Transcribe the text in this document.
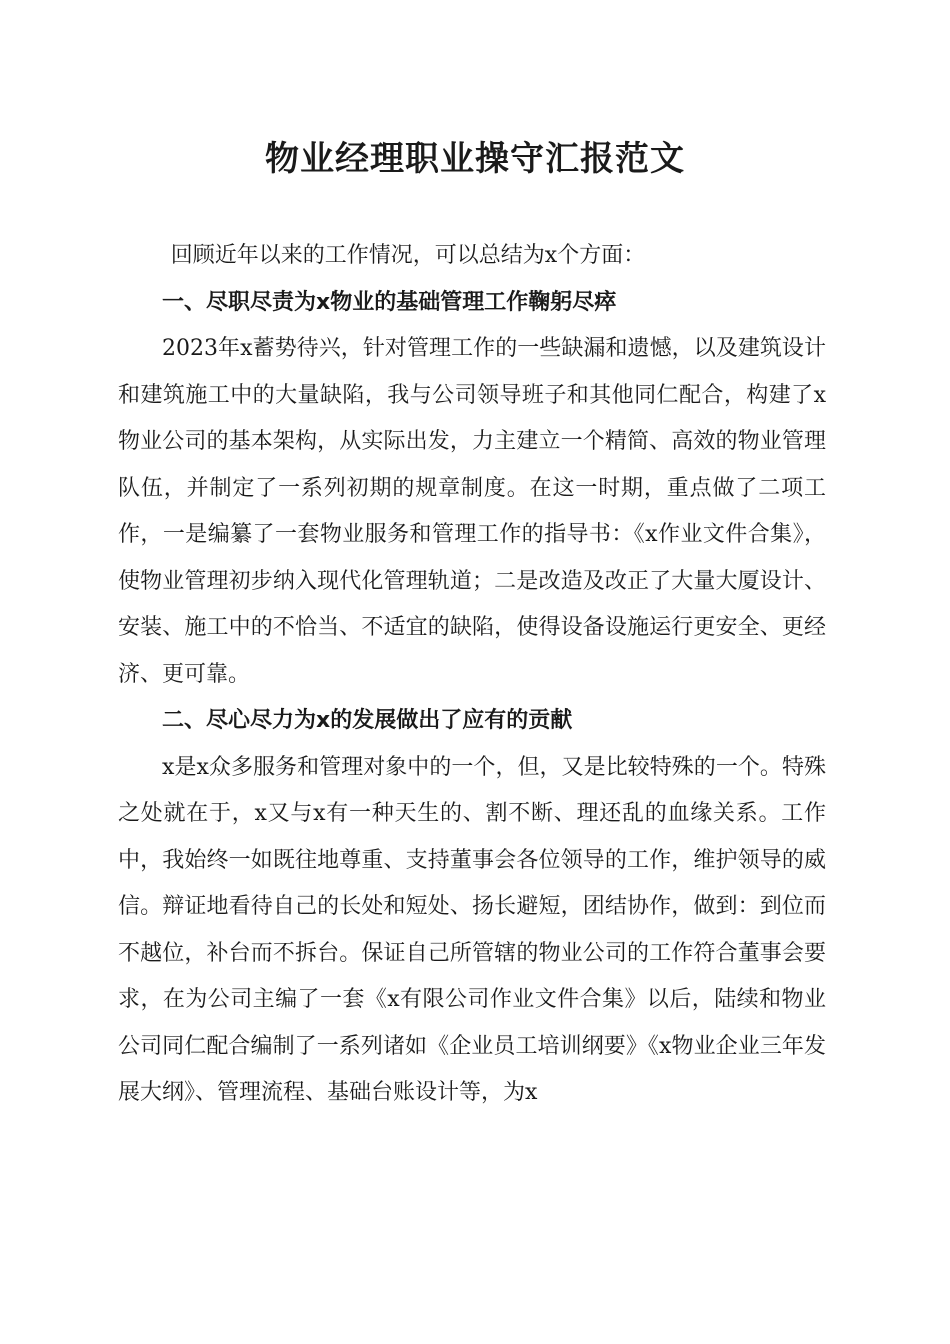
物业经理职业操守汇报范文

回顾近年以来的工作情况，可以总结为x个方面：

一、尽职尽责为x物业的基础管理工作鞠躬尽瘁

2023年x蓄势待兴，针对管理工作的一些缺漏和遗憾，以及建筑设计和建筑施工中的大量缺陷，我与公司领导班子和其他同仁配合，构建了x物业公司的基本架构，从实际出发，力主建立一个精简、高效的物业管理队伍，并制定了一系列初期的规章制度。在这一时期，重点做了二项工作，一是编纂了一套物业服务和管理工作的指导书：《x作业文件合集》，使物业管理初步纳入现代化管理轨道；二是改造及改正了大量大厦设计、安装、施工中的不恰当、不适宜的缺陷，使得设备设施运行更安全、更经济、更可靠。

二、尽心尽力为x的发展做出了应有的贡献

x是x众多服务和管理对象中的一个，但，又是比较特殊的一个。特殊之处就在于，x又与x有一种天生的、割不断、理还乱的血缘关系。工作中，我始终一如既往地尊重、支持董事会各位领导的工作，维护领导的威信。辩证地看待自己的长处和短处、扬长避短，团结协作，做到：到位而不越位，补台而不拆台。保证自己所管辖的物业公司的工作符合董事会要求，在为公司主编了一套《x有限公司作业文件合集》以后，陆续和物业公司同仁配合编制了一系列诸如《企业员工培训纲要》《x物业企业三年发展大纲》、管理流程、基础台账设计等，为x
